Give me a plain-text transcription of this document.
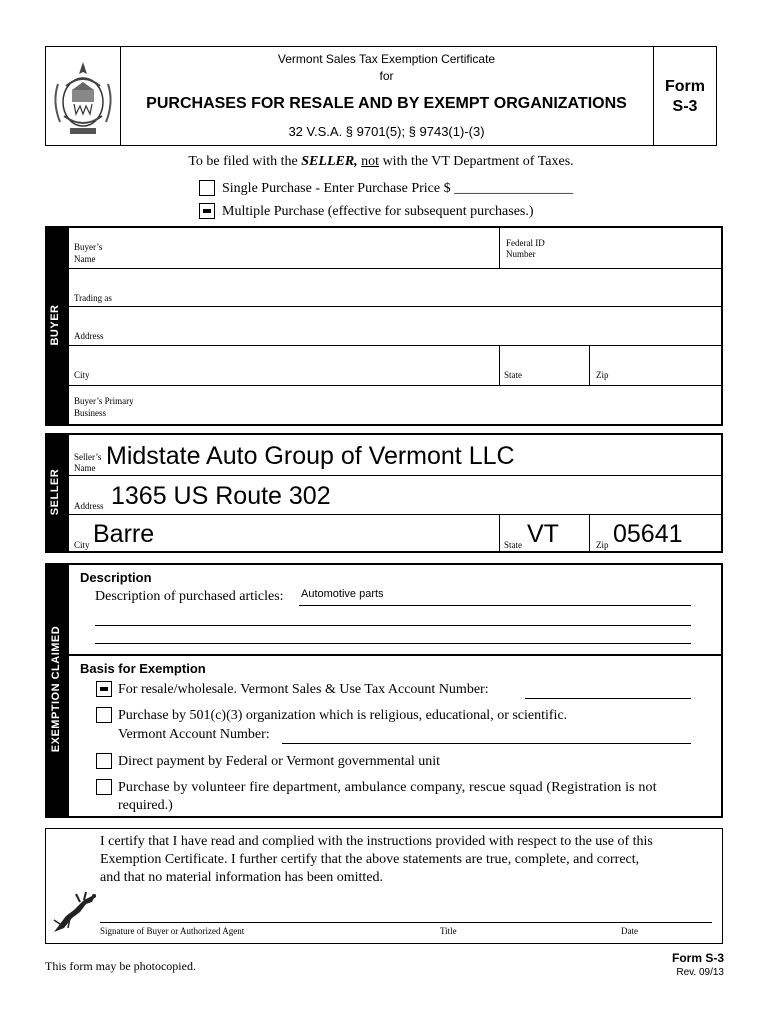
Vermont Sales Tax Exemption Certificate
for
PURCHASES FOR RESALE AND BY EXEMPT ORGANIZATIONS
32 V.S.A. § 9701(5); § 9743(1)-(3)
Form
S-3
To be filed with the SELLER, not with the VT Department of Taxes.
Single Purchase - Enter Purchase Price $ _________________
Multiple Purchase (effective for subsequent purchases.)
BUYER
Buyer’s
Name
Federal ID
Number
Trading as
Address
City	State	Zip
Buyer’s Primary
Business
SELLER
Seller’s
Name Midstate Auto Group of Vermont LLC
Address 1365 US Route 302
City Barre	State VT	Zip 05641
EXEMPTION CLAIMED
Description
Description of purchased articles: Automotive parts
Basis for Exemption
For resale/wholesale. Vermont Sales & Use Tax Account Number:
Purchase by 501(c)(3) organization which is religious, educational, or scientific.
Vermont Account Number:
Direct payment by Federal or Vermont governmental unit
Purchase by volunteer fire department, ambulance company, rescue squad (Registration is not
required.)
I certify that I have read and complied with the instructions provided with respect to the use of this
Exemption Certificate. I further certify that the above statements are true, complete, and correct,
and that no material information has been omitted.
Signature of Buyer or Authorized Agent	Title	Date
This form may be photocopied.
Form S-3
Rev. 09/13
